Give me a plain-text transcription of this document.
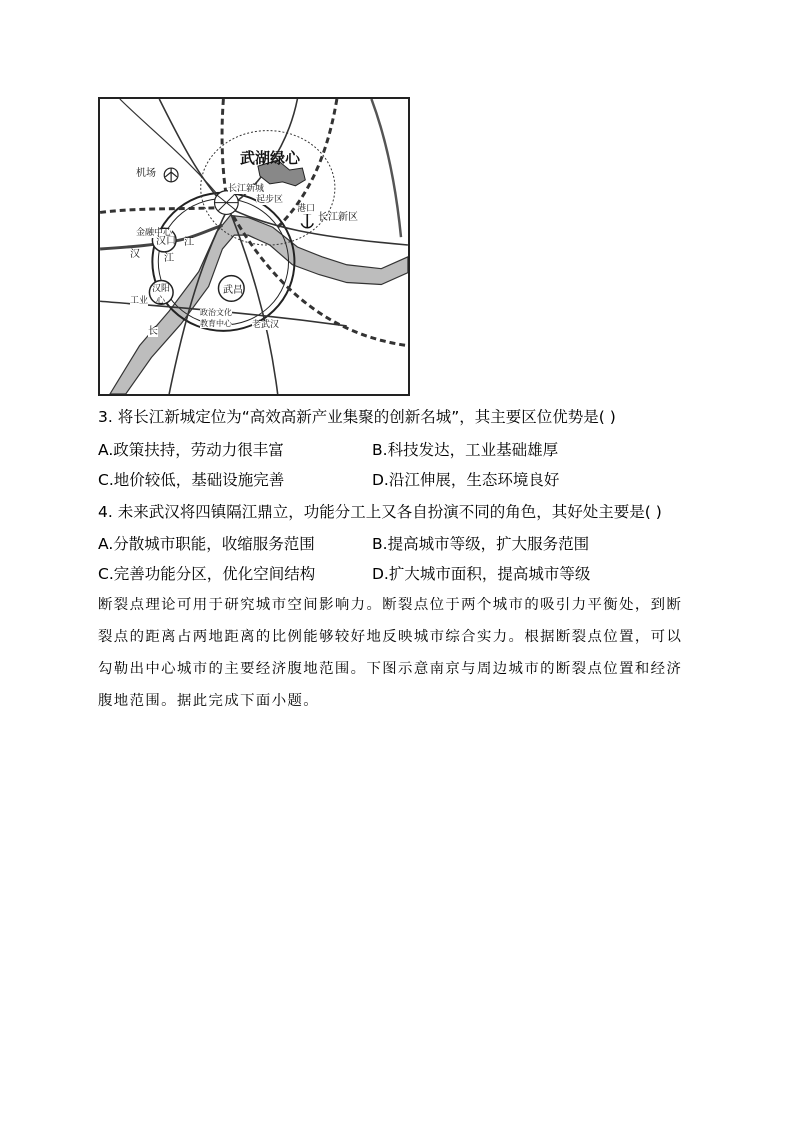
武湖绿心
机场
长江新城
起步区
港口
长江新区
金融中心
汉口 江
汉 江
汉阳
心
工业
武昌
政治文化
教育中心 老武汉
长
3. 将长江新城定位为“高效高新产业集聚的创新名城”，其主要区位优势是( )
A.政策扶持，劳动力很丰富	B.科技发达，工业基础雄厚
C.地价较低，基础设施完善	D.沿江伸展，生态环境良好
4. 未来武汉将四镇隔江鼎立，功能分工上又各自扮演不同的角色，其好处主要是( )
A.分散城市职能，收缩服务范围	B.提高城市等级，扩大服务范围
C.完善功能分区，优化空间结构	D.扩大城市面积，提高城市等级
断裂点理论可用于研究城市空间影响力。断裂点位于两个城市的吸引力平衡处，到断
裂点的距离占两地距离的比例能够较好地反映城市综合实力。根据断裂点位置，可以
勾勒出中心城市的主要经济腹地范围。下图示意南京与周边城市的断裂点位置和经济
腹地范围。据此完成下面小题。
